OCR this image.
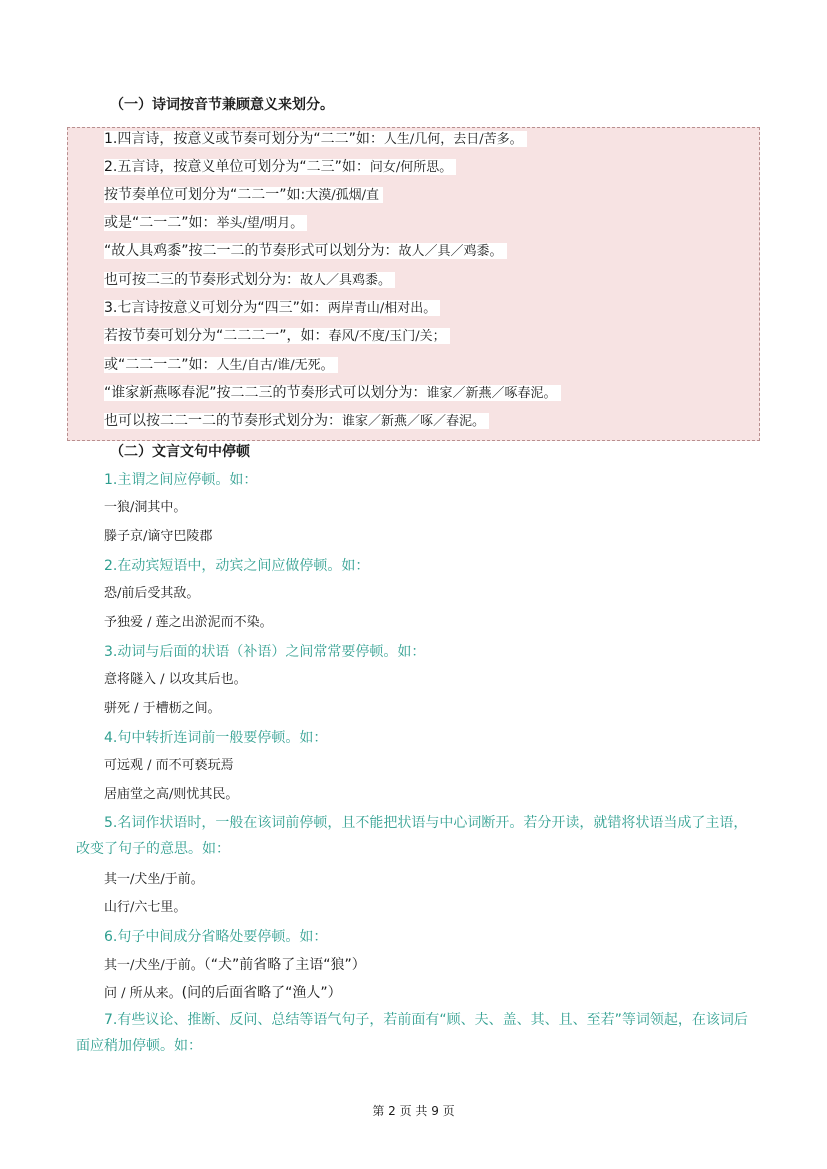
（一）诗词按音节兼顾意义来划分。
1.四言诗，按意义或节奏可划分为“二二”如：人生/几何，去日/苦多。
2.五言诗，按意义单位可划分为“二三”如：问女/何所思。
按节奏单位可划分为“二二一”如:大漠/孤烟/直
或是“二一二”如：举头/望/明月。
“故人具鸡黍”按二一二的节奏形式可以划分为：故人／具／鸡黍。
也可按二三的节奏形式划分为：故人／具鸡黍。
3.七言诗按意义可划分为“四三”如：两岸青山/相对出。
若按节奏可划分为“二二二一”，如：春风/不度/玉门/关；
或“二二一二”如：人生/自古/谁/无死。
“谁家新燕啄春泥”按二二三的节奏形式可以划分为：谁家／新燕／啄春泥。
也可以按二二一二的节奏形式划分为：谁家／新燕／啄／春泥。
（二）文言文句中停顿
1.主谓之间应停顿。如：
一狼/洞其中。
滕子京/谪守巴陵郡
2.在动宾短语中，动宾之间应做停顿。如：
恐/前后受其敌。
予独爱 / 莲之出淤泥而不染。
3.动词与后面的状语（补语）之间常常要停顿。如：
意将隧入 / 以攻其后也。
骈死 / 于槽枥之间。
4.句中转折连词前一般要停顿。如：
可远观 / 而不可亵玩焉
居庙堂之高/则忧其民。
5.名词作状语时，一般在该词前停顿，且不能把状语与中心词断开。若分开读，就错将状语当成了主语，改变了句子的意思。如：
其一/犬坐/于前。
山行/六七里。
6.句子中间成分省略处要停顿。如：
其一/犬坐/于前。（“犬”前省略了主语“狼”）
问 / 所从来。(问的后面省略了“渔人”）
7.有些议论、推断、反问、总结等语气句子，若前面有“顾、夫、盖、其、且、至若”等词领起，在该词后面应稍加停顿。如：
第 2 页 共 9 页
